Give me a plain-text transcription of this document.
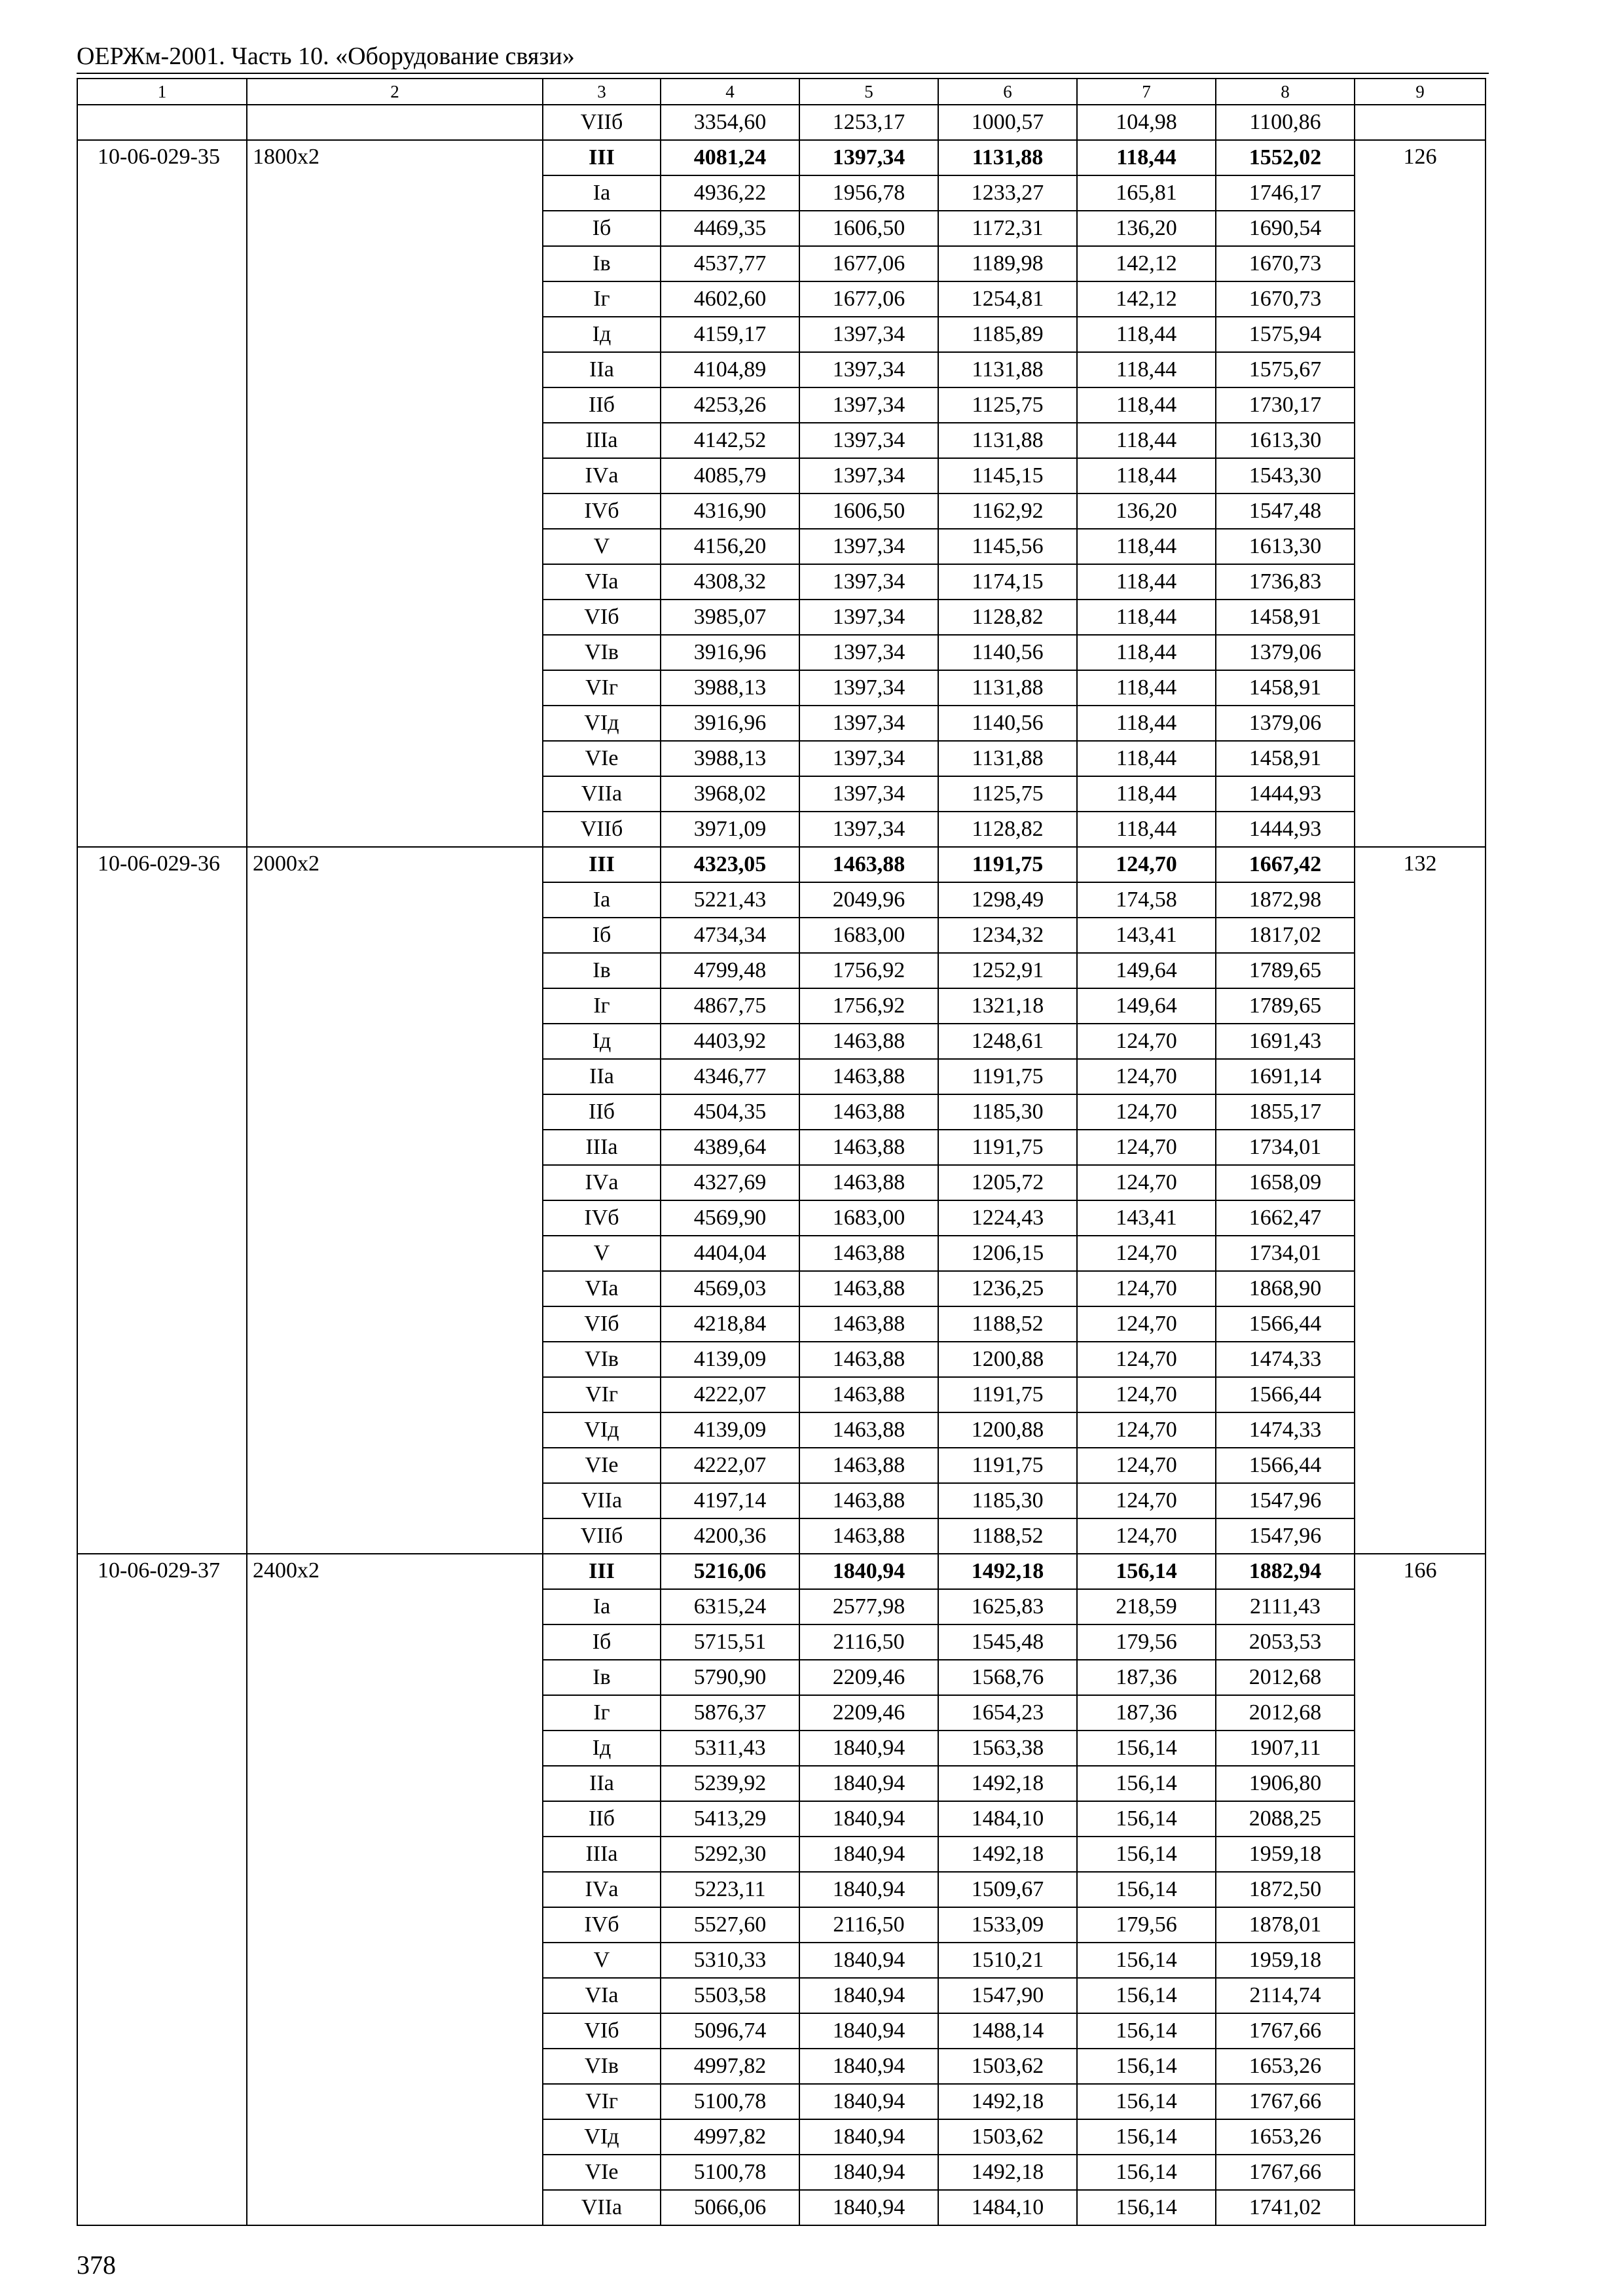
ОЕРЖм-2001. Часть 10. «Оборудование связи»
1	2	3	4	5	6	7	8	9
		VIIб	3354,60	1253,17	1000,57	104,98	1100,86	
10-06-029-35	1800х2	III	4081,24	1397,34	1131,88	118,44	1552,02	126
		Iа	4936,22	1956,78	1233,27	165,81	1746,17	
		Iб	4469,35	1606,50	1172,31	136,20	1690,54	
		Iв	4537,77	1677,06	1189,98	142,12	1670,73	
		Iг	4602,60	1677,06	1254,81	142,12	1670,73	
		Iд	4159,17	1397,34	1185,89	118,44	1575,94	
		IIа	4104,89	1397,34	1131,88	118,44	1575,67	
		IIб	4253,26	1397,34	1125,75	118,44	1730,17	
		IIIа	4142,52	1397,34	1131,88	118,44	1613,30	
		IVа	4085,79	1397,34	1145,15	118,44	1543,30	
		IVб	4316,90	1606,50	1162,92	136,20	1547,48	
		V	4156,20	1397,34	1145,56	118,44	1613,30	
		VIа	4308,32	1397,34	1174,15	118,44	1736,83	
		VIб	3985,07	1397,34	1128,82	118,44	1458,91	
		VIв	3916,96	1397,34	1140,56	118,44	1379,06	
		VIг	3988,13	1397,34	1131,88	118,44	1458,91	
		VIд	3916,96	1397,34	1140,56	118,44	1379,06	
		VIе	3988,13	1397,34	1131,88	118,44	1458,91	
		VIIа	3968,02	1397,34	1125,75	118,44	1444,93	
		VIIб	3971,09	1397,34	1128,82	118,44	1444,93	
10-06-029-36	2000х2	III	4323,05	1463,88	1191,75	124,70	1667,42	132
		Iа	5221,43	2049,96	1298,49	174,58	1872,98	
		Iб	4734,34	1683,00	1234,32	143,41	1817,02	
		Iв	4799,48	1756,92	1252,91	149,64	1789,65	
		Iг	4867,75	1756,92	1321,18	149,64	1789,65	
		Iд	4403,92	1463,88	1248,61	124,70	1691,43	
		IIа	4346,77	1463,88	1191,75	124,70	1691,14	
		IIб	4504,35	1463,88	1185,30	124,70	1855,17	
		IIIа	4389,64	1463,88	1191,75	124,70	1734,01	
		IVа	4327,69	1463,88	1205,72	124,70	1658,09	
		IVб	4569,90	1683,00	1224,43	143,41	1662,47	
		V	4404,04	1463,88	1206,15	124,70	1734,01	
		VIа	4569,03	1463,88	1236,25	124,70	1868,90	
		VIб	4218,84	1463,88	1188,52	124,70	1566,44	
		VIв	4139,09	1463,88	1200,88	124,70	1474,33	
		VIг	4222,07	1463,88	1191,75	124,70	1566,44	
		VIд	4139,09	1463,88	1200,88	124,70	1474,33	
		VIе	4222,07	1463,88	1191,75	124,70	1566,44	
		VIIа	4197,14	1463,88	1185,30	124,70	1547,96	
		VIIб	4200,36	1463,88	1188,52	124,70	1547,96	
10-06-029-37	2400х2	III	5216,06	1840,94	1492,18	156,14	1882,94	166
		Iа	6315,24	2577,98	1625,83	218,59	2111,43	
		Iб	5715,51	2116,50	1545,48	179,56	2053,53	
		Iв	5790,90	2209,46	1568,76	187,36	2012,68	
		Iг	5876,37	2209,46	1654,23	187,36	2012,68	
		Iд	5311,43	1840,94	1563,38	156,14	1907,11	
		IIа	5239,92	1840,94	1492,18	156,14	1906,80	
		IIб	5413,29	1840,94	1484,10	156,14	2088,25	
		IIIа	5292,30	1840,94	1492,18	156,14	1959,18	
		IVа	5223,11	1840,94	1509,67	156,14	1872,50	
		IVб	5527,60	2116,50	1533,09	179,56	1878,01	
		V	5310,33	1840,94	1510,21	156,14	1959,18	
		VIа	5503,58	1840,94	1547,90	156,14	2114,74	
		VIб	5096,74	1840,94	1488,14	156,14	1767,66	
		VIв	4997,82	1840,94	1503,62	156,14	1653,26	
		VIг	5100,78	1840,94	1492,18	156,14	1767,66	
		VIд	4997,82	1840,94	1503,62	156,14	1653,26	
		VIе	5100,78	1840,94	1492,18	156,14	1767,66	
		VIIа	5066,06	1840,94	1484,10	156,14	1741,02	
378
